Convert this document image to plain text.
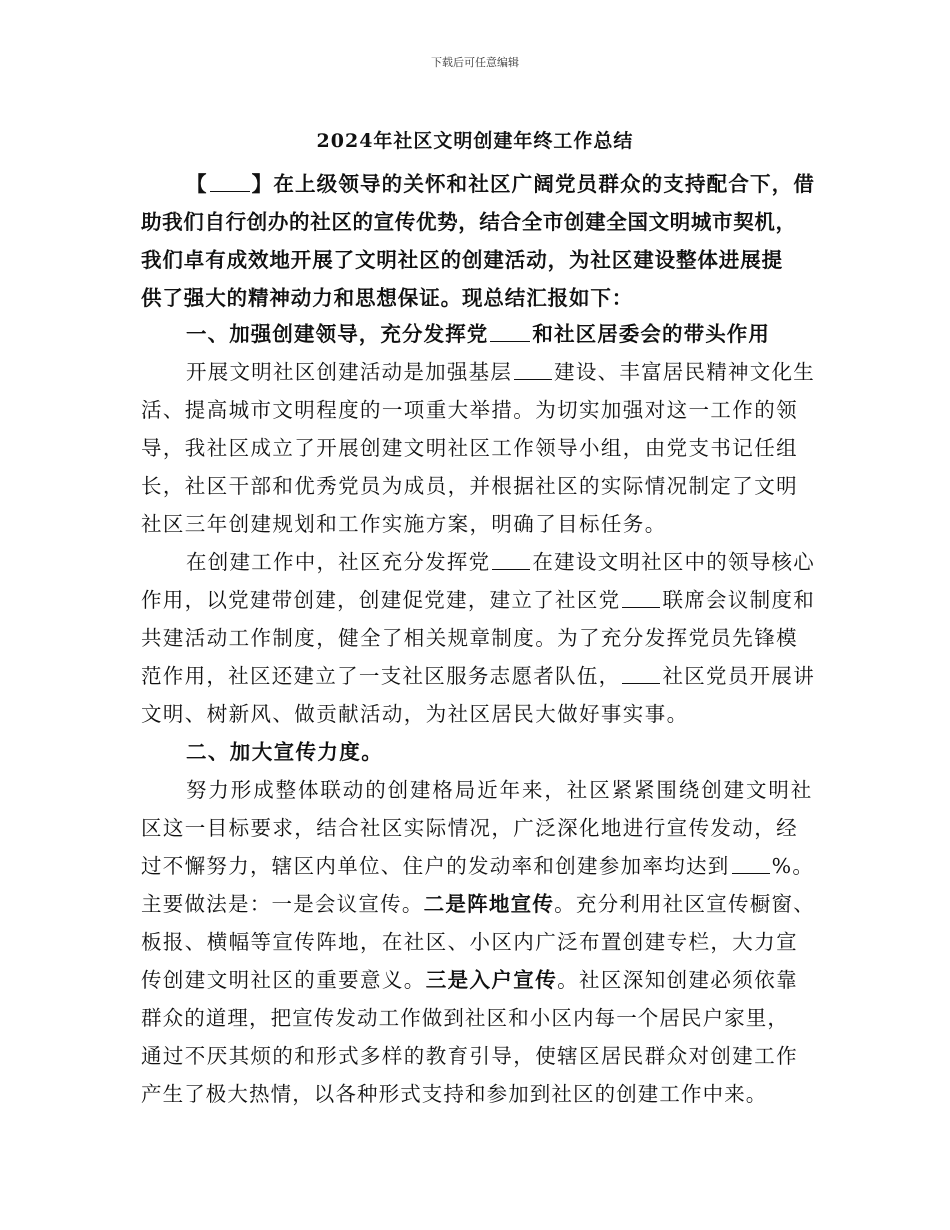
下载后可任意编辑
2024年社区文明创建年终工作总结
【 】在上级领导的关怀和社区广阔党员群众的支持配合下，借
助我们自行创办的社区的宣传优势，结合全市创建全国文明城市契机，
我们卓有成效地开展了文明社区的创建活动，为社区建设整体进展提
供了强大的精神动力和思想保证。现总结汇报如下：
一、加强创建领导，充分发挥党 和社区居委会的带头作用
开展文明社区创建活动是加强基层 建设、丰富居民精神文化生
活、提高城市文明程度的一项重大举措。为切实加强对这一工作的领
导，我社区成立了开展创建文明社区工作领导小组，由党支书记任组
长，社区干部和优秀党员为成员，并根据社区的实际情况制定了文明
社区三年创建规划和工作实施方案，明确了目标任务。
在创建工作中，社区充分发挥党 在建设文明社区中的领导核心
作用，以党建带创建，创建促党建，建立了社区党 联席会议制度和
共建活动工作制度，健全了相关规章制度。为了充分发挥党员先锋模
范作用，社区还建立了一支社区服务志愿者队伍， 社区党员开展讲
文明、树新风、做贡献活动，为社区居民大做好事实事。
二、加大宣传力度。
努力形成整体联动的创建格局近年来，社区紧紧围绕创建文明社
区这一目标要求，结合社区实际情况，广泛深化地进行宣传发动，经
过不懈努力，辖区内单位、住户的发动率和创建参加率均达到 %。
主要做法是：一是会议宣传。二是阵地宣传。充分利用社区宣传橱窗、
板报、横幅等宣传阵地，在社区、小区内广泛布置创建专栏，大力宣
传创建文明社区的重要意义。三是入户宣传。社区深知创建必须依靠
群众的道理，把宣传发动工作做到社区和小区内每一个居民户家里，
通过不厌其烦的和形式多样的教育引导，使辖区居民群众对创建工作
产生了极大热情，以各种形式支持和参加到社区的创建工作中来。
